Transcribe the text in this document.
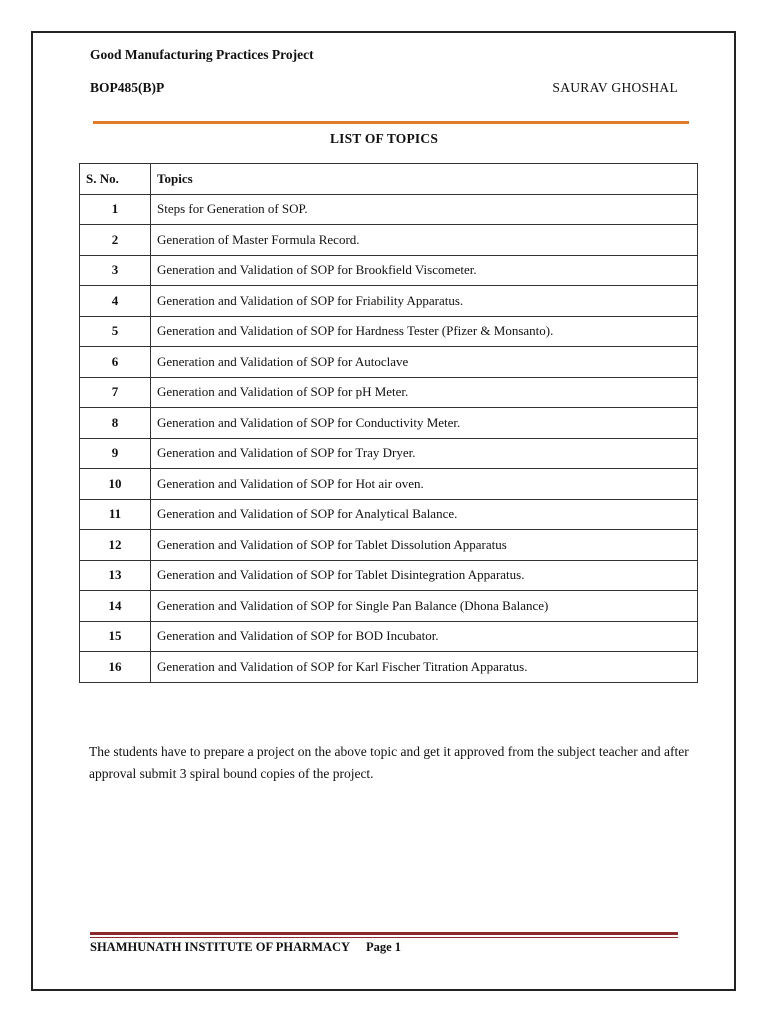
Good Manufacturing Practices Project
BOP485(B)P	SAURAV GHOSHAL
LIST OF TOPICS
S. No.	Topics
1	Steps for Generation of SOP.
2	Generation of Master Formula Record.
3	Generation and Validation of SOP for Brookfield Viscometer.
4	Generation and Validation of SOP for Friability Apparatus.
5	Generation and Validation of SOP for Hardness Tester (Pfizer & Monsanto).
6	Generation and Validation of SOP for Autoclave
7	Generation and Validation of SOP for pH Meter.
8	Generation and Validation of SOP for Conductivity Meter.
9	Generation and Validation of SOP for Tray Dryer.
10	Generation and Validation of SOP for Hot air oven.
11	Generation and Validation of SOP for Analytical Balance.
12	Generation and Validation of SOP for Tablet Dissolution Apparatus
13	Generation and Validation of SOP for Tablet Disintegration Apparatus.
14	Generation and Validation of SOP for Single Pan Balance (Dhona Balance)
15	Generation and Validation of SOP for BOD Incubator.
16	Generation and Validation of SOP for Karl Fischer Titration Apparatus.
The students have to prepare a project on the above topic and get it approved from the subject teacher and after approval submit 3 spiral bound copies of the project.
SHAMHUNATH INSTITUTE OF PHARMACY Page 1
